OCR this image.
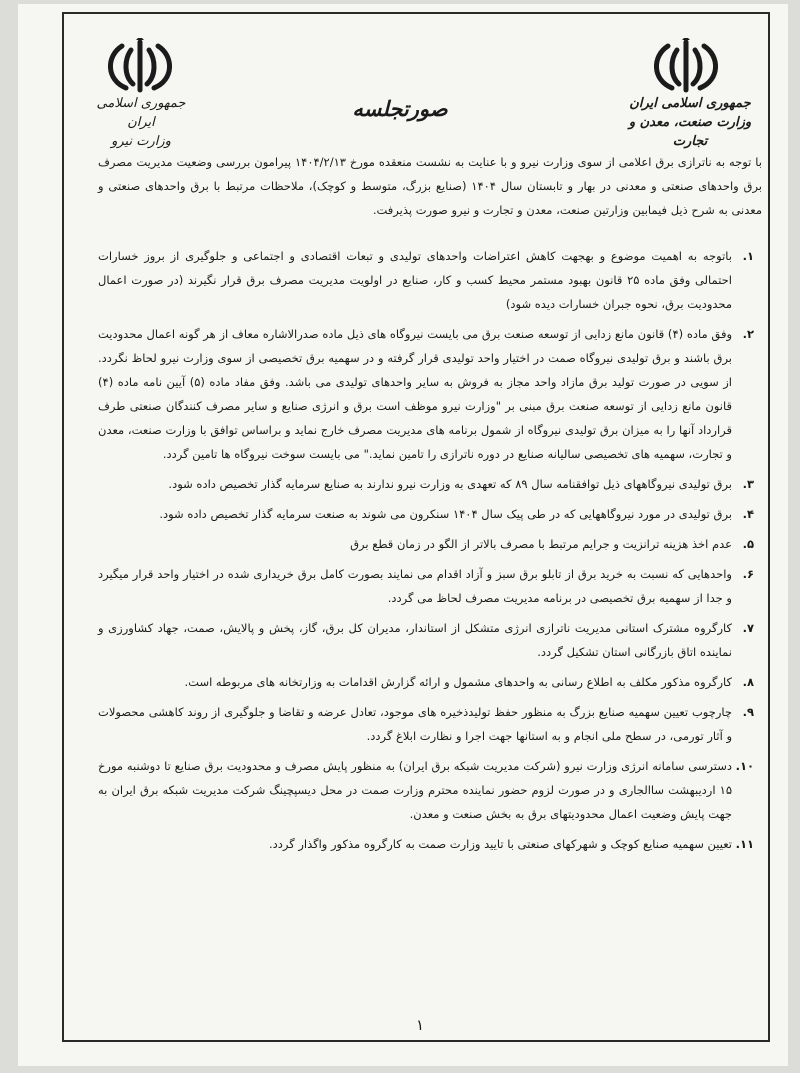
جمهوری اسلامی ایران
وزارت نیرو
صورتجلسه	جمهوری اسلامی ایران
وزارت صنعت، معدن و تجارت

با توجه به ناترازی برق اعلامی از سوی وزارت نیرو و با عنایت به نشست منعقده مورخ ۱۴۰۴/۲/۱۳ پیرامون بررسی وضعیت مدیریت مصرف برق واحدهای صنعتی و معدنی در بهار و تابستان سال ۱۴۰۴ (صنایع بزرگ، متوسط و کوچک)، ملاحظات مرتبط با برق واحدهای صنعتی و معدنی به شرح ذیل فیمابین وزارتین صنعت، معدن و تجارت و نیرو صورت پذیرفت.

۱.
باتوجه به اهمیت موضوع و بهجهت کاهش اعتراضات واحدهای تولیدی و تبعات اقتصادی و اجتماعی و جلوگیری از بروز خسارات احتمالی وفق ماده ۲۵ قانون بهبود مستمر محیط کسب و کار، صنایع در اولویت مدیریت مصرف برق قرار نگیرند (در صورت اعمال محدودیت برق، نحوه جبران خسارات دیده شود)
۲.
وفق ماده (۴) قانون مانع زدایی از توسعه صنعت برق می بایست نیروگاه های ذیل ماده صدرالاشاره معاف از هر گونه اعمال محدودیت برق باشند و برق تولیدی نیروگاه صمت در اختیار واحد تولیدی قرار گرفته و در سهمیه برق تخصیصی از سوی وزارت نیرو لحاظ نگردد. از سویی در صورت تولید برق مازاد واحد مجاز به فروش به سایر واحدهای تولیدی می باشد. وفق مفاد ماده (۵) آیین نامه ماده (۴) قانون مانع زدایی از توسعه صنعت برق مبنی بر "وزارت نیرو موظف است برق و انرژی صنایع و سایر مصرف کنندگان صنعتی طرف قرارداد آنها را به میزان برق تولیدی نیروگاه از شمول برنامه های مدیریت مصرف خارج نماید و براساس توافق با وزارت صنعت، معدن و تجارت، سهمیه های تخصیصی سالیانه صنایع در دوره ناترازی را تامین نماید." می بایست سوخت نیروگاه ها تامین گردد.
۳.
برق تولیدی نیروگاههای ذیل توافقنامه سال ۸۹ که تعهدی به وزارت نیرو ندارند به صنایع سرمایه گذار تخصیص داده شود.
۴.
برق تولیدی در مورد نیروگاههایی که در طی پیک سال ۱۴۰۴ سنکرون می شوند به صنعت سرمایه گذار تخصیص داده شود.
۵.
عدم اخذ هزینه ترانزیت و جرایم مرتبط با مصرف بالاتر از الگو در زمان قطع برق
۶.
واحدهایی که نسبت به خرید برق از تابلو برق سبز و آزاد اقدام می نمایند بصورت کامل برق خریداری شده در اختیار واحد قرار میگیرد و جدا از سهمیه برق تخصیصی در برنامه مدیریت مصرف لحاظ می گردد.
۷.
کارگروه مشترک استانی مدیریت ناترازی انرژی متشکل از استاندار، مدیران کل برق، گاز، پخش و پالایش، صمت، جهاد کشاورزی و نماینده اتاق بازرگانی استان تشکیل گردد.
۸.
کارگروه مذکور مکلف به اطلاع رسانی به واحدهای مشمول و ارائه گزارش اقدامات به وزارتخانه های مربوطه است.
۹.
چارچوب تعیین سهمیه صنایع بزرگ به منظور حفظ تولیدذخیره های موجود، تعادل عرضه و تقاضا و جلوگیری از روند کاهشی محصولات و آثار تورمی، در سطح ملی انجام و به استانها جهت اجرا و نظارت ابلاغ گردد.
۱۰.
دسترسی سامانه انرژی وزارت نیرو (شرکت مدیریت شبکه برق ایران) به منظور پایش مصرف و محدودیت برق صنایع تا دوشنبه مورخ ۱۵ اردیبهشت ساالجاری و در صورت لزوم حضور نماینده محترم وزارت صمت در محل دیسپچینگ شرکت مدیریت شبکه برق ایران به جهت پایش وضعیت اعمال محدودیتهای برق به بخش صنعت و معدن.
۱۱.
تعیین سهمیه صنایع کوچک و شهرکهای صنعتی با تایید وزارت صمت به کارگروه مذکور واگذار گردد.
۱
